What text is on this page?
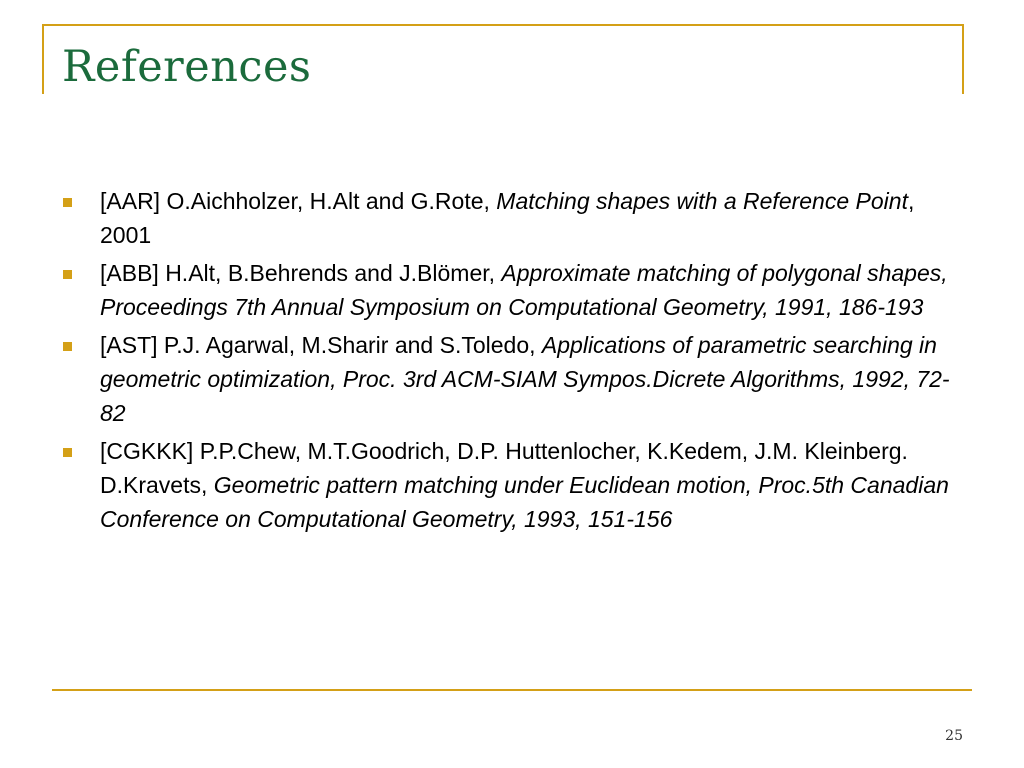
References
[AAR] O.Aichholzer, H.Alt and G.Rote, Matching shapes with a Reference Point, 2001
[ABB] H.Alt, B.Behrends and J.Blömer, Approximate matching of polygonal shapes, Proceedings 7th Annual Symposium on Computational Geometry, 1991, 186-193
[AST] P.J. Agarwal, M.Sharir and S.Toledo, Applications of parametric searching in geometric optimization, Proc. 3rd ACM-SIAM Sympos.Dicrete Algorithms, 1992, 72-82
[CGKKK] P.P.Chew, M.T.Goodrich, D.P. Huttenlocher, K.Kedem, J.M. Kleinberg. D.Kravets, Geometric pattern matching under Euclidean motion, Proc.5th Canadian Conference on Computational Geometry, 1993, 151-156
25
